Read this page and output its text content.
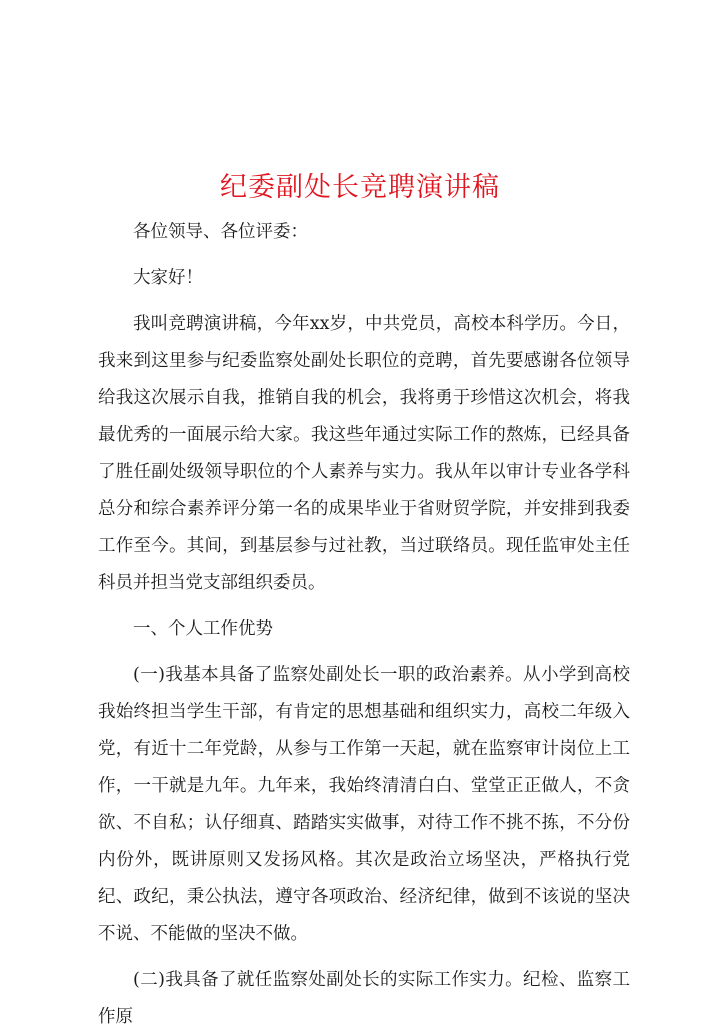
纪委副处长竞聘演讲稿

各位领导、各位评委：

大家好！

我叫竞聘演讲稿，今年xx岁，中共党员，高校本科学历。今日，我来到这里参与纪委监察处副处长职位的竞聘，首先要感谢各位领导给我这次展示自我，推销自我的机会，我将勇于珍惜这次机会，将我最优秀的一面展示给大家。我这些年通过实际工作的熬炼，已经具备了胜任副处级领导职位的个人素养与实力。我从年以审计专业各学科总分和综合素养评分第一名的成果毕业于省财贸学院，并安排到我委工作至今。其间，到基层参与过社教，当过联络员。现任监审处主任科员并担当党支部组织委员。

一、个人工作优势

(一)我基本具备了监察处副处长一职的政治素养。从小学到高校我始终担当学生干部，有肯定的思想基础和组织实力，高校二年级入党，有近十二年党龄，从参与工作第一天起，就在监察审计岗位上工作，一干就是九年。九年来，我始终清清白白、堂堂正正做人，不贪欲、不自私；认仔细真、踏踏实实做事，对待工作不挑不拣，不分份内份外，既讲原则又发扬风格。其次是政治立场坚决，严格执行党纪、政纪，秉公执法，遵守各项政治、经济纪律，做到不该说的坚决不说、不能做的坚决不做。

(二)我具备了就任监察处副处长的实际工作实力。纪检、监察工作原
